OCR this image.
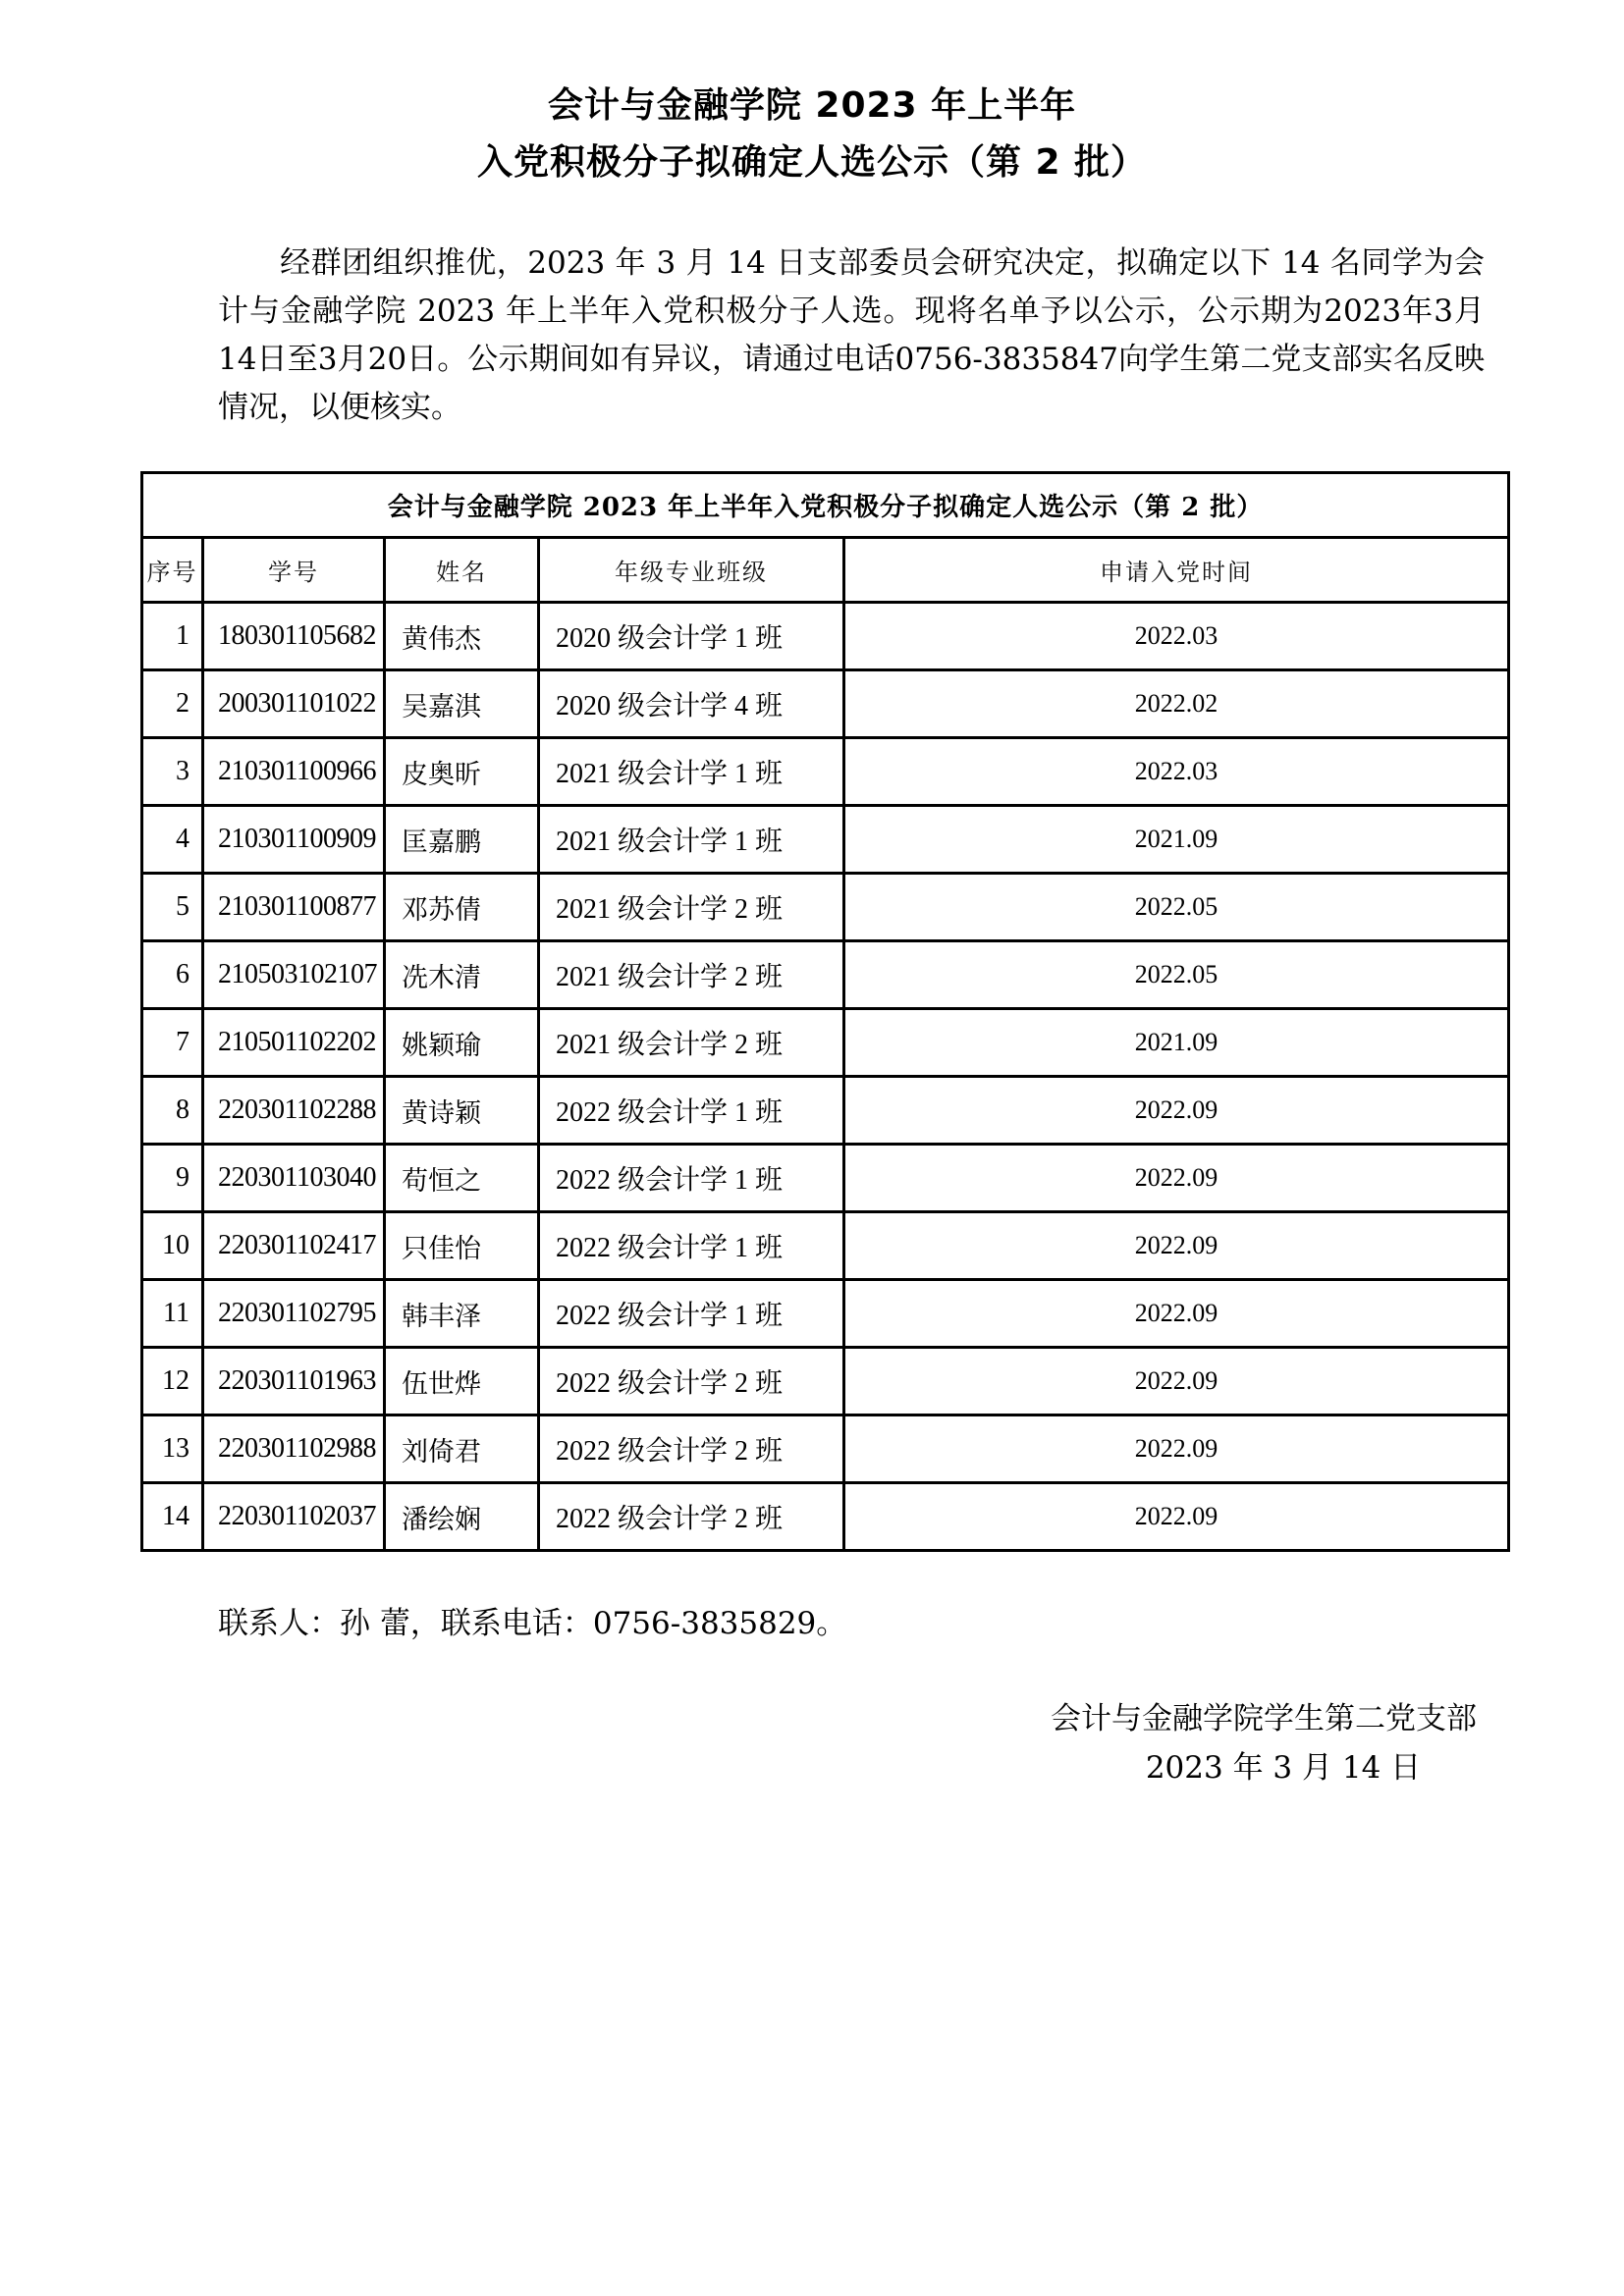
会计与金融学院 2023 年上半年
入党积极分子拟确定人选公示（第 2 批）
　　经群团组织推优，2023 年 3 月 14 日支部委员会研究决定，拟确定以下 14 名同学为会计与金融学院 2023 年上半年入党积极分子人选。现将名单予以公示，公示期为2023年3月14日至3月20日。公示期间如有异议，请通过电话0756-3835847向学生第二党支部实名反映情况，以便核实。
会计与金融学院 2023 年上半年入党积极分子拟确定人选公示（第 2 批）				
序号	学号	姓名	年级专业班级	申请入党时间
1	180301105682	黄伟杰	2020 级会计学 1 班	2022.03
2	200301101022	吴嘉淇	2020 级会计学 4 班	2022.02
3	210301100966	皮奥昕	2021 级会计学 1 班	2022.03
4	210301100909	匡嘉鹏	2021 级会计学 1 班	2021.09
5	210301100877	邓苏倩	2021 级会计学 2 班	2022.05
6	210503102107	冼木清	2021 级会计学 2 班	2022.05
7	210501102202	姚颖瑜	2021 级会计学 2 班	2021.09
8	220301102288	黄诗颖	2022 级会计学 1 班	2022.09
9	220301103040	苟恒之	2022 级会计学 1 班	2022.09
10	220301102417	只佳怡	2022 级会计学 1 班	2022.09
11	220301102795	韩丰泽	2022 级会计学 1 班	2022.09
12	220301101963	伍世烨	2022 级会计学 2 班	2022.09
13	220301102988	刘倚君	2022 级会计学 2 班	2022.09
14	220301102037	潘绘娴	2022 级会计学 2 班	2022.09
联系人：孙 蕾，联系电话：0756-3835829。
会计与金融学院学生第二党支部
2023 年 3 月 14 日
